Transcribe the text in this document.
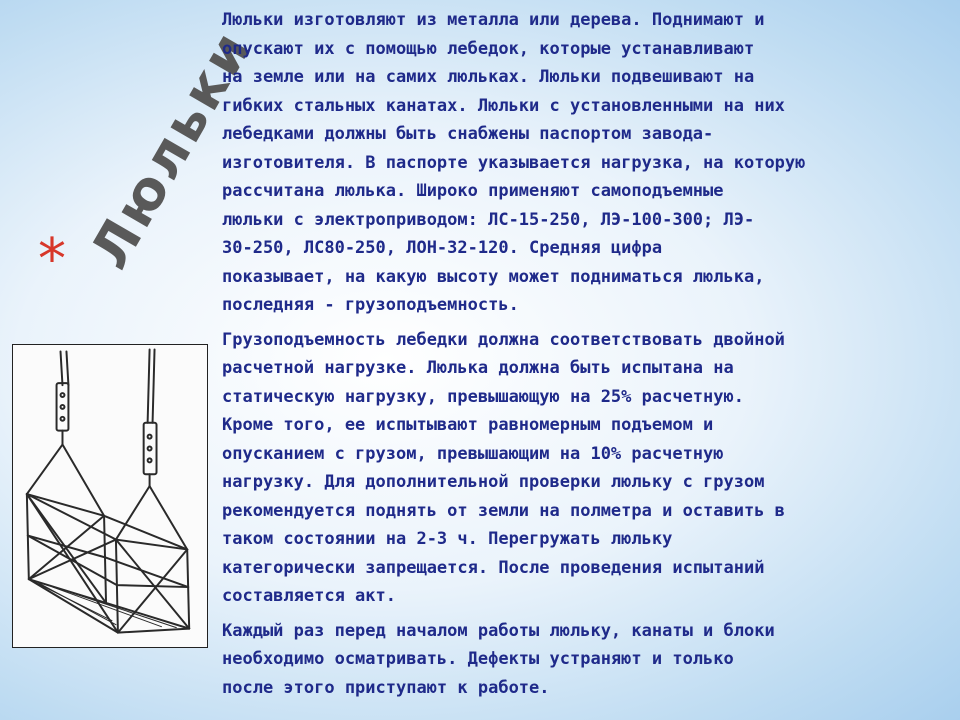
* Люльки

Люльки изготовляют из металла или дерева. Поднимают и
опускают их с помощью лебедок, которые устанавливают
на земле или на самих люльках. Люльки подвешивают на
гибких стальных канатах. Люльки с установленными на них
лебедками должны быть снабжены паспортом завода-
изготовителя. В паспорте указывается нагрузка, на которую
рассчитана люлька. Широко применяют самоподъемные
люльки с электроприводом: ЛС-15-250, ЛЭ-100-300; ЛЭ-
30-250, ЛС80-250, ЛОН-32-120. Средняя цифра
показывает, на какую высоту может подниматься люлька,
последняя - грузоподъемность.

Грузоподъемность лебедки должна соответствовать двойной
расчетной нагрузке. Люлька должна быть испытана на
статическую нагрузку, превышающую на 25% расчетную.
Кроме того, ее испытывают равномерным подъемом и
опусканием с грузом, превышающим на 10% расчетную
нагрузку. Для дополнительной проверки люльку с грузом
рекомендуется поднять от земли на полметра и оставить в
таком состоянии на 2-3 ч. Перегружать люльку
категорически запрещается. После проведения испытаний
составляется акт.

Каждый раз перед началом работы люльку, канаты и блоки
необходимо осматривать. Дефекты устраняют и только
после этого приступают к работе.
